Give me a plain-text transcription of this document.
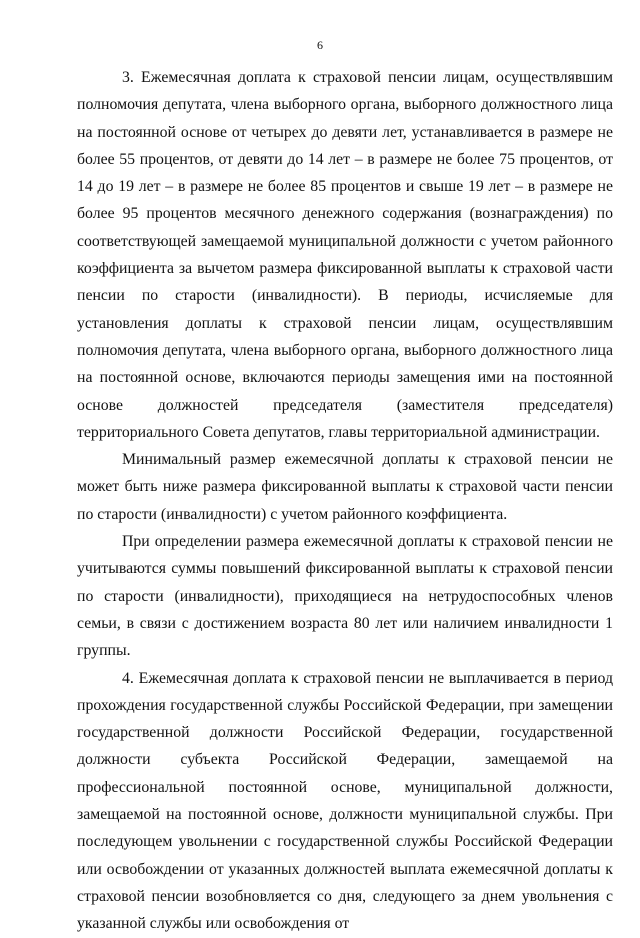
6

3. Ежемесячная доплата к страховой пенсии лицам, осуществлявшим полномочия депутата, члена выборного органа, выборного должностного лица на постоянной основе от четырех до девяти лет, устанавливается в размере не более 55 процентов, от девяти до 14 лет – в размере не более 75 процентов, от 14 до 19 лет – в размере не более 85 процентов и свыше 19 лет – в размере не более 95 процентов месячного денежного содержания (вознаграждения) по соответствующей замещаемой муниципальной должности с учетом районного коэффициента за вычетом размера фиксированной выплаты к страховой части пенсии по старости (инвалидности). В периоды, исчисляемые для установления доплаты к страховой пенсии лицам, осуществлявшим полномочия депутата, члена выборного органа, выборного должностного лица на постоянной основе, включаются периоды замещения ими на постоянной основе должностей председателя (заместителя председателя) территориального Совета депутатов, главы территориальной администрации.

Минимальный размер ежемесячной доплаты к страховой пенсии не может быть ниже размера фиксированной выплаты к страховой части пенсии по старости (инвалидности) с учетом районного коэффициента.

При определении размера ежемесячной доплаты к страховой пенсии не учитываются суммы повышений фиксированной выплаты к страховой пенсии по старости (инвалидности), приходящиеся на нетрудоспособных членов семьи, в связи с достижением возраста 80 лет или наличием инвалидности 1 группы.

4. Ежемесячная доплата к страховой пенсии не выплачивается в период прохождения государственной службы Российской Федерации, при замещении государственной должности Российской Федерации, государственной должности субъекта Российской Федерации, замещаемой на профессиональной постоянной основе, муниципальной должности, замещаемой на постоянной основе, должности муниципальной службы. При последующем увольнении с государственной службы Российской Федерации или освобождении от указанных должностей выплата ежемесячной доплаты к страховой пенсии возобновляется со дня, следующего за днем увольнения с указанной службы или освобождения от
